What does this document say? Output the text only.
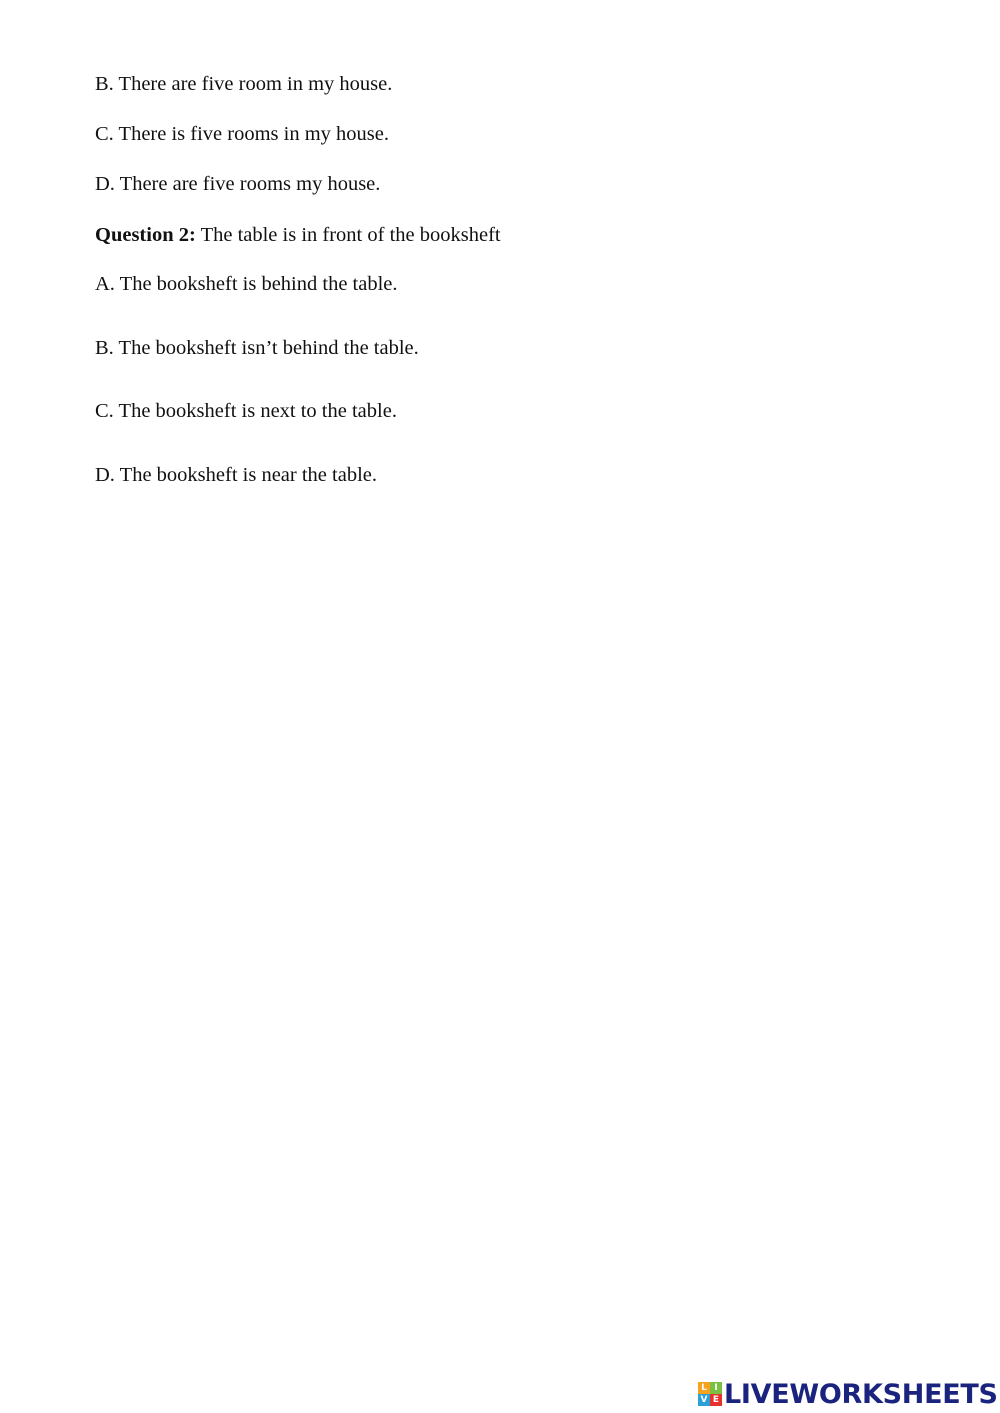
B. There are five room in my house.
C. There is five rooms in my house.
D. There are five rooms my house.
Question 2: The table is in front of the booksheft
A. The booksheft is behind the table.
B. The booksheft isn’t behind the table.
C. The booksheft is next to the table.
D. The booksheft is near the table.
L I
V E LIVEWORKSHEETS
